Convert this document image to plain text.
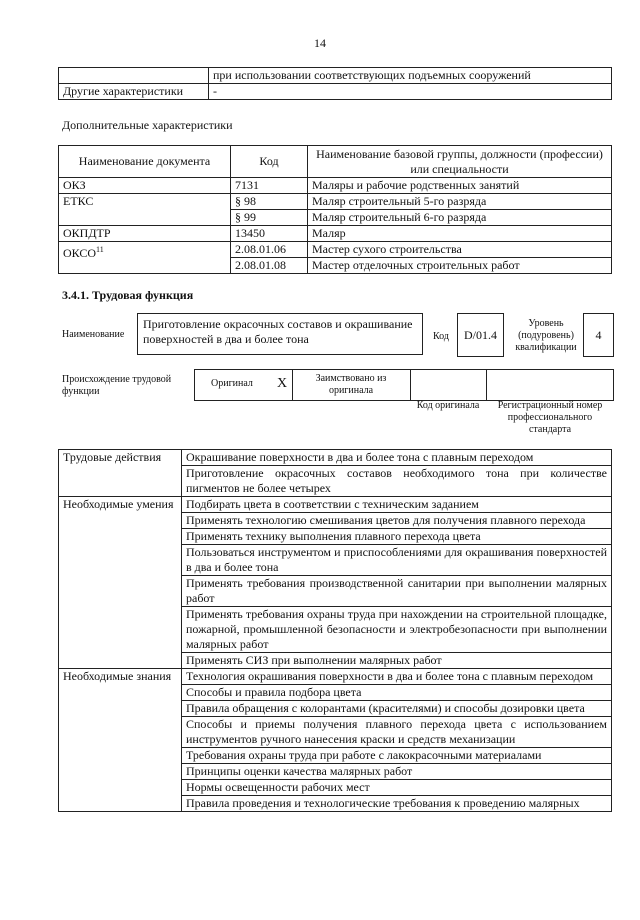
14
	при использовании соответствующих подъемных сооружений
Другие характеристики	-
Дополнительные характеристики
Наименование документа	Код	Наименование базовой группы, должности (профессии) или специальности
ОКЗ	7131	Маляры и рабочие родственных занятий
ЕТКС	§ 98	Маляр строительный 5-го разряда
	§ 99	Маляр строительный 6-го разряда
ОКПДТР	13450	Маляр
ОКСО$^{11}$	2.08.01.06	Мастер сухого строительства
	2.08.01.08	Мастер отделочных строительных работ
3.4.1. Трудовая функция
Наименование
Приготовление окрасочных составов и окрашивание поверхностей в два и более тона	Код	D/01.4
Уровень (подуровень) квалификации
4
Происхождение трудовой функции
Оригинал X	Заимствовано из оригинала
Код оригинала	Регистрационный номер профессионального стандарта
Трудовые действия	Окрашивание поверхности в два и более тона с плавным переходом
	Приготовление окрасочных составов необходимого тона при количестве пигментов не более четырех
Необходимые умения	Подбирать цвета в соответствии с техническим заданием
	Применять технологию смешивания цветов для получения плавного перехода
	Применять технику выполнения плавного перехода цвета
	Пользоваться инструментом и приспособлениями для окрашивания поверхностей в два и более тона
	Применять требования производственной санитарии при выполнении малярных работ
	Применять требования охраны труда при нахождении на строительной площадке, пожарной, промышленной безопасности и электробезопасности при выполнении малярных работ
	Применять СИЗ при выполнении малярных работ
Необходимые знания	Технология окрашивания поверхности в два и более тона с плавным переходом
	Способы и правила подбора цвета
	Правила обращения с колорантами (красителями) и способы дозировки цвета
	Способы и приемы получения плавного перехода цвета с использованием инструментов ручного нанесения краски и средств механизации
	Требования охраны труда при работе с лакокрасочными материалами
	Принципы оценки качества малярных работ
	Нормы освещенности рабочих мест
	Правила проведения и технологические требования к проведению малярных
